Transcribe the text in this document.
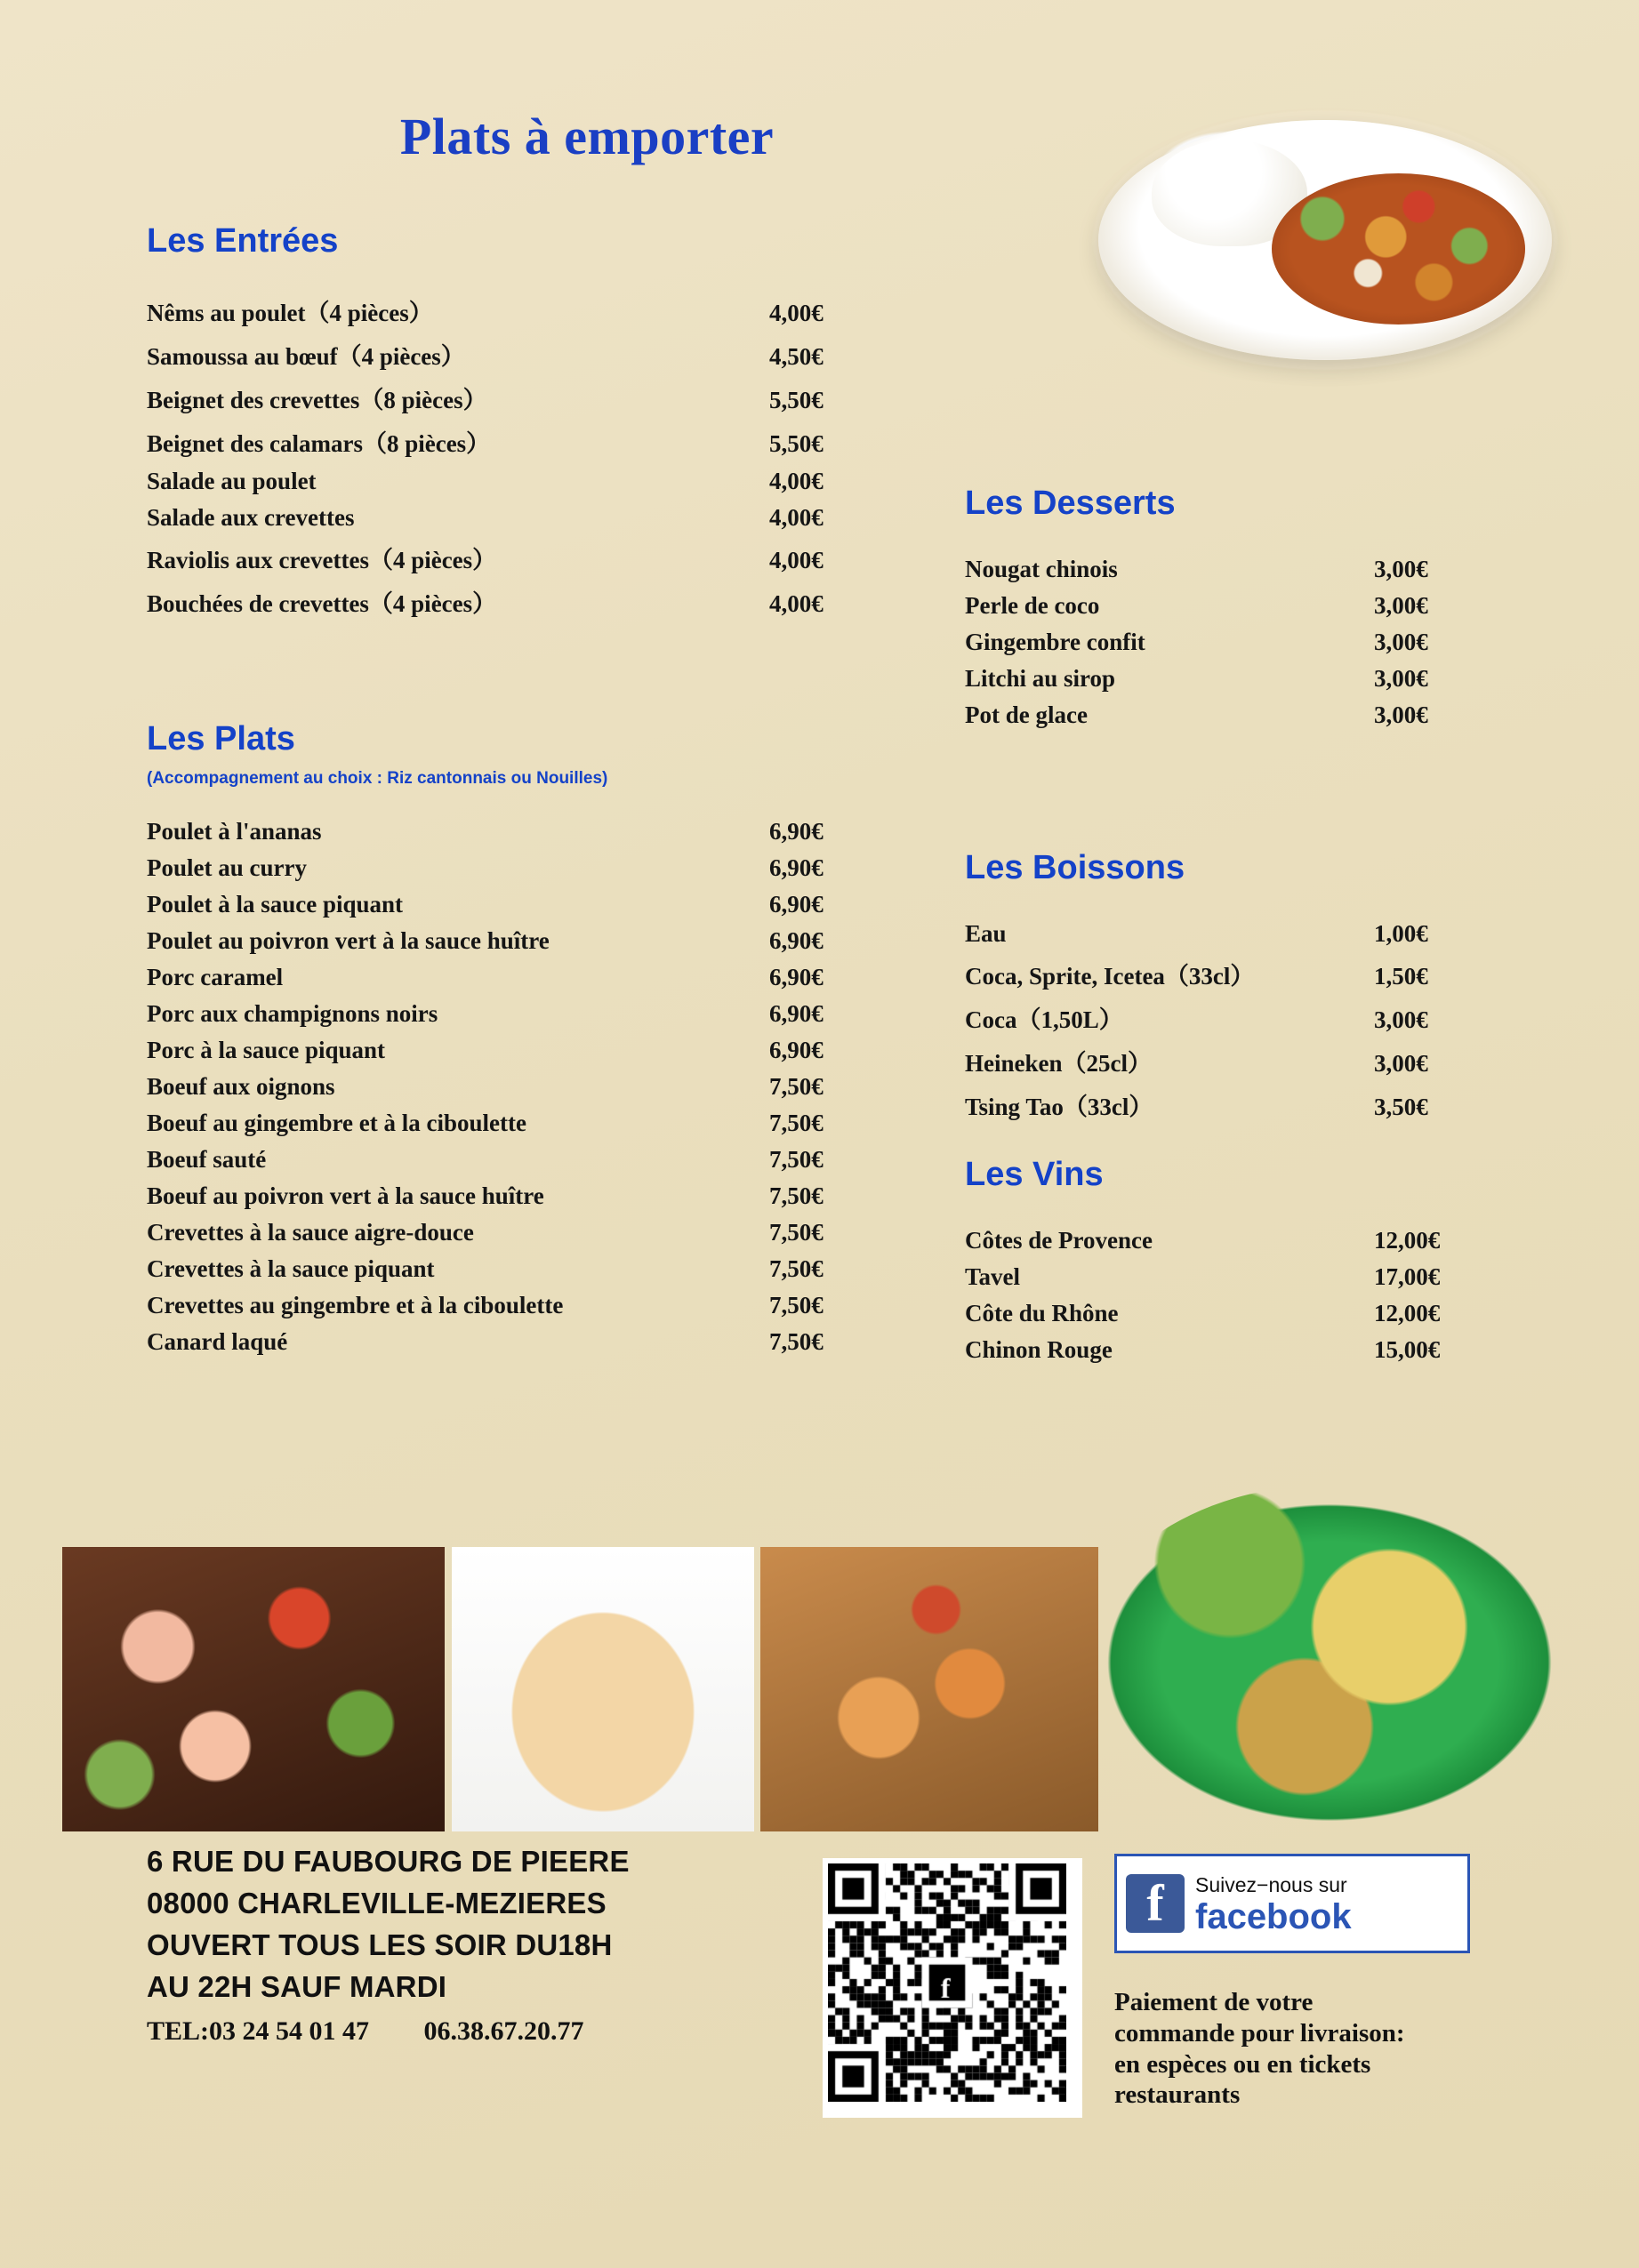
Plats à emporter
Les Entrées
Nêms au poulet（4 pièces）	4,00€
Samoussa au bœuf（4 pièces）	4,50€
Beignet des crevettes（8 pièces）	5,50€
Beignet des calamars（8 pièces）	5,50€
Salade au poulet	4,00€
Salade aux crevettes	4,00€
Raviolis aux crevettes（4 pièces）	4,00€
Bouchées de crevettes（4 pièces）	4,00€
Les Plats
(Accompagnement au choix : Riz cantonnais ou Nouilles)
Poulet à l'ananas	6,90€
Poulet au curry	6,90€
Poulet à la sauce piquant	6,90€
Poulet au poivron vert à la sauce huître	6,90€
Porc caramel	6,90€
Porc aux champignons noirs	6,90€
Porc à la sauce piquant	6,90€
Boeuf aux oignons	7,50€
Boeuf au gingembre et à la ciboulette	7,50€
Boeuf sauté	7,50€
Boeuf au poivron vert à la sauce huître	7,50€
Crevettes à la sauce aigre-douce	7,50€
Crevettes à la sauce piquant	7,50€
Crevettes au gingembre et à la ciboulette	7,50€
Canard laqué	7,50€
Les Desserts
Nougat chinois	3,00€
Perle de coco	3,00€
Gingembre confit	3,00€
Litchi au sirop	3,00€
Pot de glace	3,00€
Les Boissons
Eau	1,00€
Coca, Sprite, Icetea（33cl）	1,50€
Coca（1,50L）	3,00€
Heineken（25cl）	3,00€
Tsing Tao（33cl）	3,50€
Les Vins
Côtes de Provence	12,00€
Tavel	17,00€
Côte du Rhône	12,00€
Chinon Rouge	15,00€
6 RUE DU FAUBOURG DE PIEERE
08000 CHARLEVILLE-MEZIERES
OUVERT TOUS LES SOIR DU18H
AU 22H SAUF MARDI
TEL:03 24 54 01 47 06.38.67.20.77
f	Suivez−nous sur
facebook
Paiement de votre
commande pour livraison:
en espèces ou en tickets
restaurants
